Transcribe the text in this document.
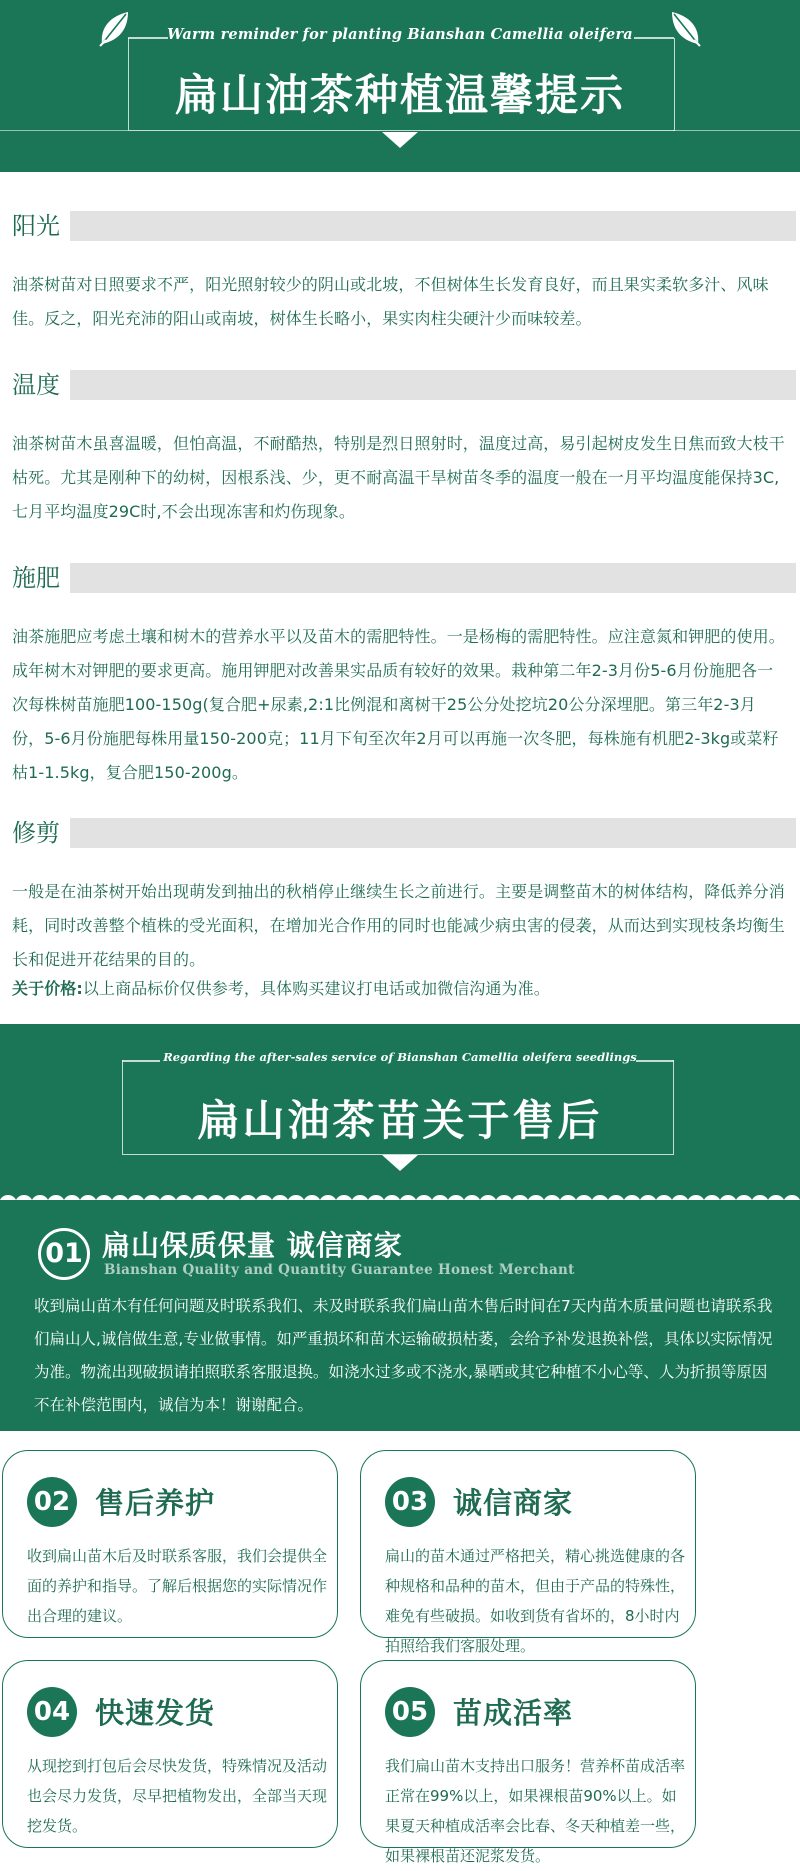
Warm reminder for planting Bianshan Camellia oleifera
扁山油茶种植温馨提示
阳光
油茶树苗对日照要求不严，阳光照射较少的阴山或北坡，不但树体生长发育良好，而且果实柔软多汁、风味佳。反之，阳光充沛的阳山或南坡，树体生长略小，果实肉柱尖硬汁少而味较差。
温度
油茶树苗木虽喜温暖，但怕高温，不耐酷热，特别是烈日照射时，温度过高，易引起树皮发生日焦而致大枝干枯死。尤其是刚种下的幼树，因根系浅、少，更不耐高温干旱树苗冬季的温度一般在一月平均温度能保持3C,七月平均温度29C时,不会出现冻害和灼伤现象。
施肥
油茶施肥应考虑土壤和树木的营养水平以及苗木的需肥特性。一是杨梅的需肥特性。应注意氮和钾肥的使用。成年树木对钾肥的要求更高。施用钾肥对改善果实品质有较好的效果。栽种第二年2-3月份5-6月份施肥各一次每株树苗施肥100-150g(复合肥+尿素,2:1比例混和离树干25公分处挖坑20公分深埋肥。第三年2-3月份，5-6月份施肥每株用量150-200克；11月下旬至次年2月可以再施一次冬肥，每株施有机肥2-3kg或菜籽枯1-1.5kg，复合肥150-200g。
修剪
一般是在油茶树开始出现萌发到抽出的秋梢停止继续生长之前进行。主要是调整苗木的树体结构，降低养分消耗，同时改善整个植株的受光面积，在增加光合作用的同时也能减少病虫害的侵袭，从而达到实现枝条均衡生长和促进开花结果的目的。
关于价格:以上商品标价仅供参考，具体购买建议打电话或加微信沟通为准。
Regarding the after-sales service of Bianshan Camellia oleifera seedlings
扁山油茶苗关于售后
01 扁山保质保量 诚信商家
Bianshan Quality and Quantity Guarantee Honest Merchant
收到扁山苗木有任何问题及时联系我们、未及时联系我们扁山苗木售后时间在7天内苗木质量问题也请联系我们扁山人,诚信做生意,专业做事情。如严重损坏和苗木运输破损枯萎，会给予补发退换补偿，具体以实际情况为准。物流出现破损请拍照联系客服退换。如浇水过多或不浇水,暴晒或其它种植不小心等、人为折损等原因不在补偿范围内，诚信为本！谢谢配合。
02 售后养护
收到扁山苗木后及时联系客服，我们会提供全面的养护和指导。了解后根据您的实际情况作出合理的建议。
03 诚信商家
扁山的苗木通过严格把关，精心挑选健康的各种规格和品种的苗木，但由于产品的特殊性，难免有些破损。如收到货有省坏的，8小时内拍照给我们客服处理。
04 快速发货
从现挖到打包后会尽快发货，特殊情况及活动也会尽力发货，尽早把植物发出，全部当天现挖发货。
05 苗成活率
我们扁山苗木支持出口服务！营养杯苗成活率正常在99%以上，如果裸根苗90%以上。如果夏天种植成活率会比春、冬天种植差一些，如果裸根苗还泥浆发货。
